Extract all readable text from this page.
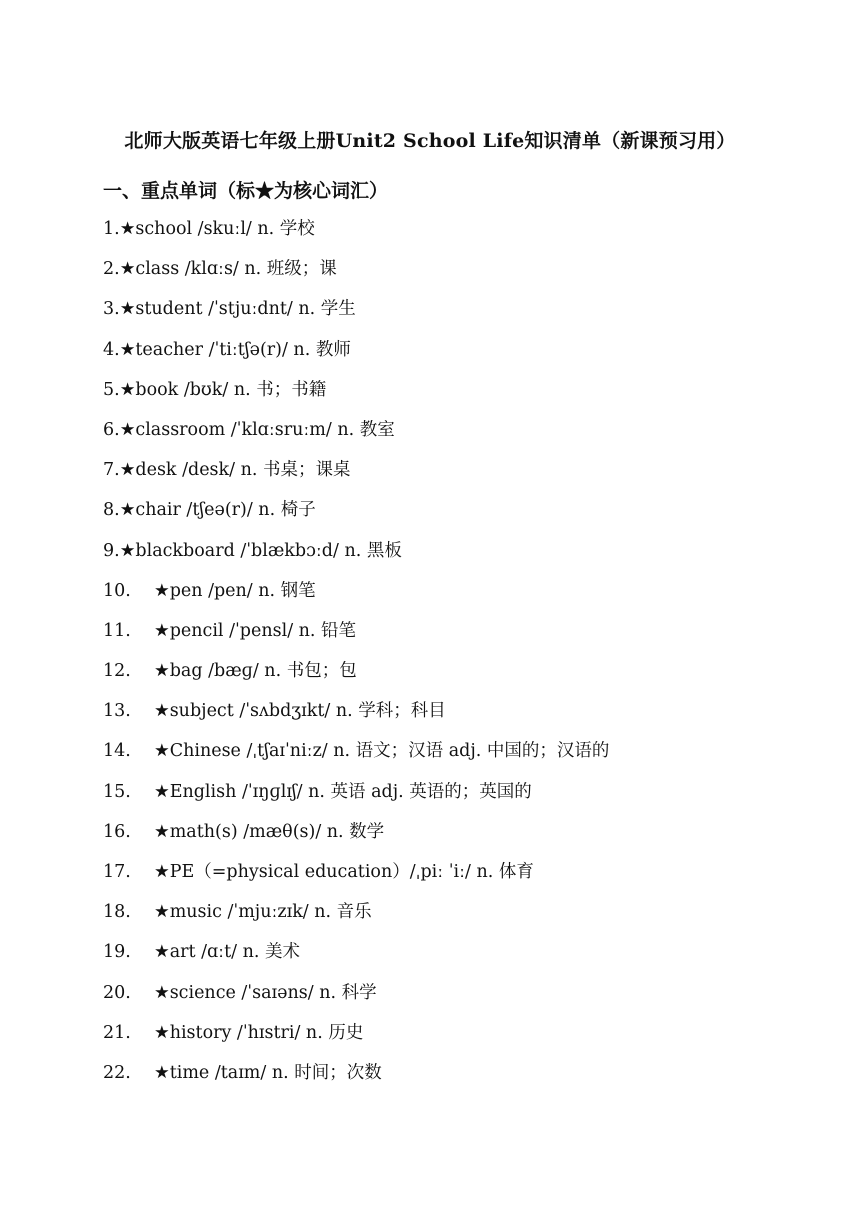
北师大版英语七年级上册Unit2 School Life知识清单（新课预习用）
一、重点单词（标★为核心词汇）
1. ★school /skuːl/ n. 学校
2. ★class /klɑːs/ n. 班级；课
3. ★student /ˈstjuːdnt/ n. 学生
4. ★teacher /ˈtiːtʃə(r)/ n. 教师
5. ★book /bʊk/ n. 书；书籍
6. ★classroom /ˈklɑːsruːm/ n. 教室
7. ★desk /desk/ n. 书桌；课桌
8. ★chair /tʃeə(r)/ n. 椅子
9. ★blackboard /ˈblækbɔːd/ n. 黑板
10.	★pen /pen/ n. 钢笔
11.	★pencil /ˈpensl/ n. 铅笔
12.	★bag /bæɡ/ n. 书包；包
13.	★subject /ˈsʌbdʒɪkt/ n. 学科；科目
14.	★Chinese /ˌtʃaɪˈniːz/ n. 语文；汉语 adj. 中国的；汉语的
15.	★English /ˈɪŋɡlɪʃ/ n. 英语 adj. 英语的；英国的
16.	★math(s) /mæθ(s)/ n. 数学
17.	★PE（=physical education）/ˌpiː ˈiː/ n. 体育
18.	★music /ˈmjuːzɪk/ n. 音乐
19.	★art /ɑːt/ n. 美术
20.	★science /ˈsaɪəns/ n. 科学
21.	★history /ˈhɪstri/ n. 历史
22.	★time /taɪm/ n. 时间；次数
